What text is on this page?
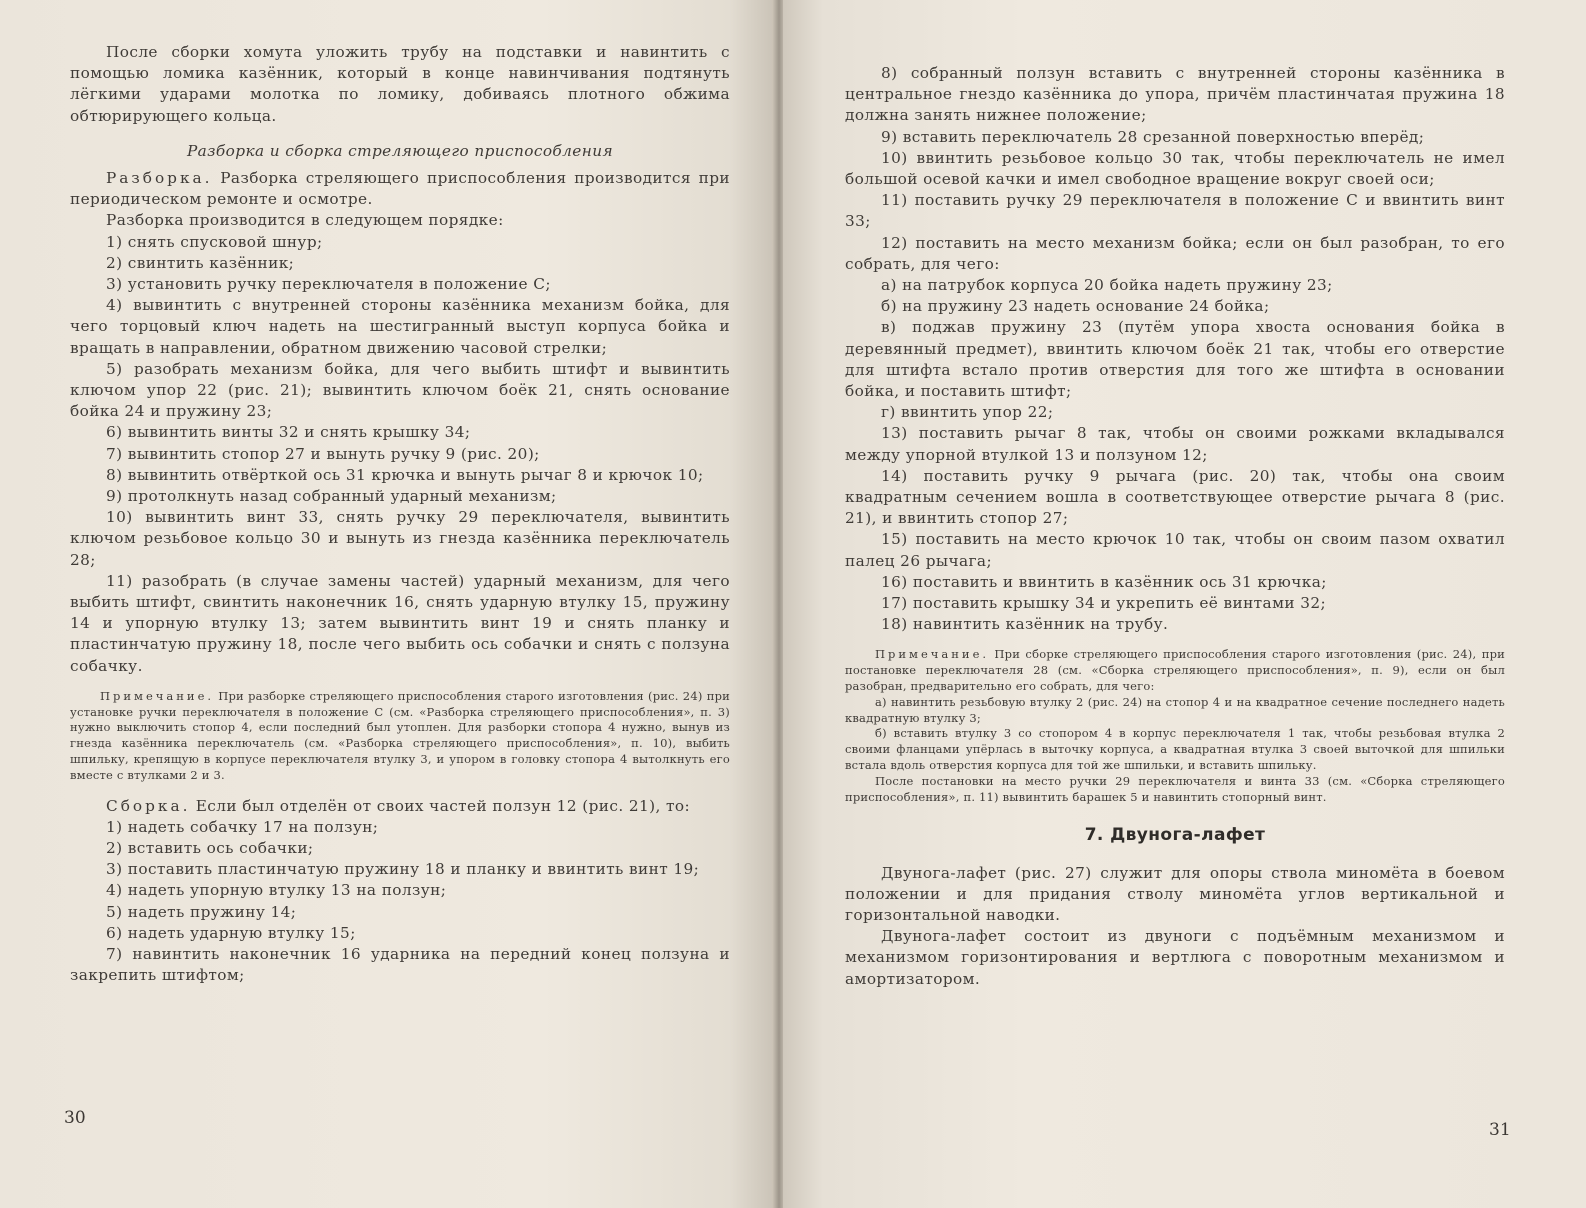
После сборки хомута уложить трубу на подставки и навинтить с помощью ломика казённик, который в конце навинчивания подтянуть лёгкими ударами молотка по ломику, добиваясь плотного обжима обтюрирующего кольца.

Разборка и сборка стреляющего приспособления

Разборка. Разборка стреляющего приспособления производится при периодическом ремонте и осмотре.

Разборка производится в следующем порядке:

1) снять спусковой шнур;

2) свинтить казённик;

3) установить ручку переключателя в положение С;

4) вывинтить с внутренней стороны казённика механизм бойка, для чего торцовый ключ надеть на шестигранный выступ корпуса бойка и вращать в направлении, обратном движению часовой стрелки;

5) разобрать механизм бойка, для чего выбить штифт и вывинтить ключом упор 22 (рис. 21); вывинтить ключом боёк 21, снять основание бойка 24 и пружину 23;

6) вывинтить винты 32 и снять крышку 34;

7) вывинтить стопор 27 и вынуть ручку 9 (рис. 20);

8) вывинтить отвёрткой ось 31 крючка и вынуть рычаг 8 и крючок 10;

9) протолкнуть назад собранный ударный механизм;

10) вывинтить винт 33, снять ручку 29 переключателя, вывинтить ключом резьбовое кольцо 30 и вынуть из гнезда казённика переключатель 28;

11) разобрать (в случае замены частей) ударный механизм, для чего выбить штифт, свинтить наконечник 16, снять ударную втулку 15, пружину 14 и упорную втулку 13; затем вывинтить винт 19 и снять планку и пластинчатую пружину 18, после чего выбить ось собачки и снять с ползуна собачку.

Примечание. При разборке стреляющего приспособления старого изготовления (рис. 24) при установке ручки переключателя в положение С (см. «Разборка стреляющего приспособления», п. 3) нужно выключить стопор 4, если последний был утоплен. Для разборки стопора 4 нужно, вынув из гнезда казённика переключатель (см. «Разборка стреляющего приспособления», п. 10), выбить шпильку, крепящую в корпусе переключателя втулку 3, и упором в головку стопора 4 вытолкнуть его вместе с втулками 2 и 3.

Сборка. Если был отделён от своих частей ползун 12 (рис. 21), то:

1) надеть собачку 17 на ползун;

2) вставить ось собачки;

3) поставить пластинчатую пружину 18 и планку и ввинтить винт 19;

4) надеть упорную втулку 13 на ползун;

5) надеть пружину 14;

6) надеть ударную втулку 15;

7) навинтить наконечник 16 ударника на передний конец ползуна и закрепить штифтом;

30

8) собранный ползун вставить с внутренней стороны казённика в центральное гнездо казённика до упора, причём пластинчатая пружина 18 должна занять нижнее положение;

9) вставить переключатель 28 срезанной поверхностью вперёд;

10) ввинтить резьбовое кольцо 30 так, чтобы переключатель не имел большой осевой качки и имел свободное вращение вокруг своей оси;

11) поставить ручку 29 переключателя в положение С и ввинтить винт 33;

12) поставить на место механизм бойка; если он был разобран, то его собрать, для чего:

а) на патрубок корпуса 20 бойка надеть пружину 23;

б) на пружину 23 надеть основание 24 бойка;

в) поджав пружину 23 (путём упора хвоста основания бойка в деревянный предмет), ввинтить ключом боёк 21 так, чтобы его отверстие для штифта встало против отверстия для того же штифта в основании бойка, и поставить штифт;

г) ввинтить упор 22;

13) поставить рычаг 8 так, чтобы он своими рожками вкладывался между упорной втулкой 13 и ползуном 12;

14) поставить ручку 9 рычага (рис. 20) так, чтобы она своим квадратным сечением вошла в соответствующее отверстие рычага 8 (рис. 21), и ввинтить стопор 27;

15) поставить на место крючок 10 так, чтобы он своим пазом охватил палец 26 рычага;

16) поставить и ввинтить в казённик ось 31 крючка;

17) поставить крышку 34 и укрепить её винтами 32;

18) навинтить казённик на трубу.

Примечание. При сборке стреляющего приспособления старого изготовления (рис. 24), при постановке переключателя 28 (см. «Сборка стреляющего приспособления», п. 9), если он был разобран, предварительно его собрать, для чего:

а) навинтить резьбовую втулку 2 (рис. 24) на стопор 4 и на квадратное сечение последнего надеть квадратную втулку 3;

б) вставить втулку 3 со стопором 4 в корпус переключателя 1 так, чтобы резьбовая втулка 2 своими фланцами упёрлась в выточку корпуса, а квадратная втулка 3 своей выточкой для шпильки встала вдоль отверстия корпуса для той же шпильки, и вставить шпильку.

После постановки на место ручки 29 переключателя и винта 33 (см. «Сборка стреляющего приспособления», п. 11) вывинтить барашек 5 и навинтить стопорный винт.

7. Двунога-лафет

Двунога-лафет (рис. 27) служит для опоры ствола миномёта в боевом положении и для придания стволу миномёта углов вертикальной и горизонтальной наводки.

Двунога-лафет состоит из двуноги с подъёмным механизмом и механизмом горизонтирования и вертлюга с поворотным механизмом и амортизатором.

31
